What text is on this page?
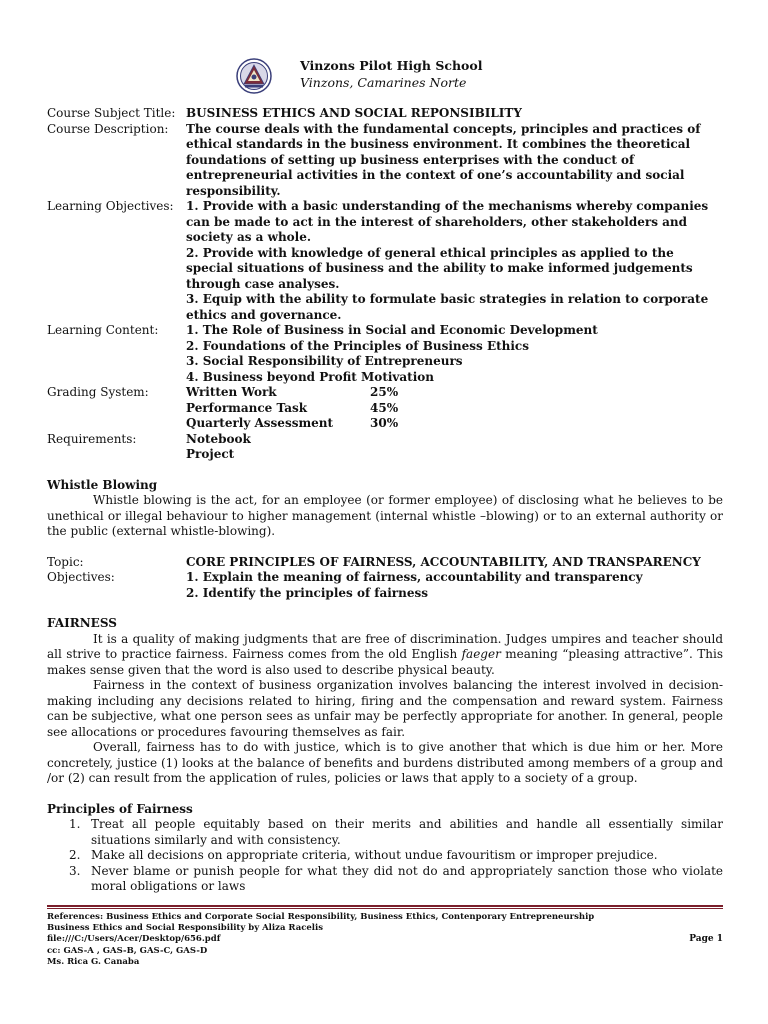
Vinzons Pilot High School
Vinzons, Camarines Norte
Course Subject Title: BUSINESS ETHICS AND SOCIAL REPONSIBILITY
Course Description:	The course deals with the fundamental concepts, principles and practices of ethical standards in the business environment. It combines the theoretical foundations of setting up business enterprises with the conduct of entrepreneurial activities in the context of one’s accountability and social responsibility.
Learning Objectives:	1. Provide with a basic understanding of the mechanisms whereby companies can be made to act in the interest of shareholders, other stakeholders and society as a whole.

2. Provide with knowledge of general ethical principles as applied to the special situations of business and the ability to make informed judgements through case analyses.

3. Equip with the ability to formulate basic strategies in relation to corporate ethics and governance.

Learning Content:	1. The Role of Business in Social and Economic Development

2. Foundations of the Principles of Business Ethics

3. Social Responsibility of Entrepreneurs

4. Business beyond Profit Motivation

Grading System:	Written Work	25%
Performance Task	45%
Quarterly Assessment	30%
Requirements:	Notebook

Project

Whistle Blowing

Whistle blowing is the act, for an employee (or former employee) of disclosing what he believes to be unethical or illegal behaviour to higher management (internal whistle –blowing) or to an external authority or the public (external whistle-blowing).

Topic:	CORE PRINCIPLES OF FAIRNESS, ACCOUNTABILITY, AND TRANSPARENCY
Objectives:	1. Explain the meaning of fairness, accountability and transparency

2. Identify the principles of fairness

FAIRNESS

It is a quality of making judgments that are free of discrimination. Judges umpires and teacher should all strive to practice fairness. Fairness comes from the old English faeger meaning “pleasing attractive”. This makes sense given that the word is also used to describe physical beauty.

Fairness in the context of business organization involves balancing the interest involved in decision-making including any decisions related to hiring, firing and the compensation and reward system. Fairness can be subjective, what one person sees as unfair may be perfectly appropriate for another. In general, people see allocations or procedures favouring themselves as fair.

Overall, fairness has to do with justice, which is to give another that which is due him or her. More concretely, justice (1) looks at the balance of benefits and burdens distributed among members of a group and /or (2) can result from the application of rules, policies or laws that apply to a society of a group.

Principles of Fairness
1. Treat all people equitably based on their merits and abilities and handle all essentially similar situations similarly and with consistency.
2. Make all decisions on appropriate criteria, without undue favouritism or improper prejudice.
3. Never blame or punish people for what they did not do and appropriately sanction those who violate moral obligations or laws
References: Business Ethics and Corporate Social Responsibility, Business Ethics, Contenporary Entrepreneurship
Business Ethics and Social Responsibility by Aliza Racelis
file:///C:/Users/Acer/Desktop/656.pdf
cc: GAS-A , GAS-B, GAS-C, GAS-D
Ms. Rica G. Canaba
Page 1
